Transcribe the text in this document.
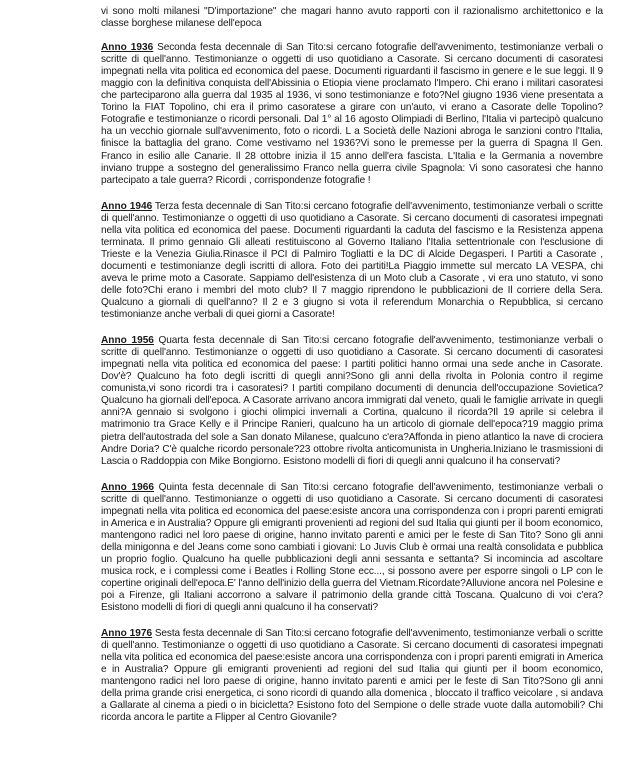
vi sono molti milanesi "D'importazione" che magari hanno avuto rapporti con il razionalismo architettonico e la classe borghese milanese dell'epoca

Anno 1936 Seconda festa decennale di San Tito:si cercano fotografie dell'avvenimento, testimonianze verbali o scritte di quell'anno. Testimonianze o oggetti di uso quotidiano a Casorate. Si cercano documenti di casoratesi impegnati nella vita politica ed economica del paese. Documenti riguardanti il fascismo in genere e le sue leggi. Il 9 maggio con la definitiva conquista dell'Abissinia o Etiopia viene proclamato l'Impero. Chi erano i militari casoratesi che parteciparono alla guerra dal 1935 al 1936, vi sono testimonianze e foto?Nel giugno 1936 viene presentata a Torino la FIAT Topolino, chi era il primo casoratese a girare con un'auto, vi erano a Casorate delle Topolino?Fotografie e testimonianze o ricordi personali. Dal 1° al 16 agosto Olimpiadi di Berlino, l'Italia vi partecipò qualcuno ha un vecchio giornale sull'avvenimento, foto o ricordi. L a Società delle Nazioni abroga le sanzioni contro l'Italia, finisce la battaglia del grano. Come vestivamo nel 1936?Vi sono le premesse per la guerra di Spagna Il Gen. Franco in esilio alle Canarie. Il 28 ottobre inizia il 15 anno dell'era fascista. L'Italia e la Germania a novembre inviano truppe a sostegno del generalissimo Franco nella guerra civile Spagnola: Vi sono casoratesi che hanno partecipato a tale guerra? Ricordi , corrispondenze fotografie !

Anno 1946 Terza festa decennale di San Tito:si cercano fotografie dell'avvenimento, testimonianze verbali o scritte di quell'anno. Testimonianze o oggetti di uso quotidiano a Casorate. Si cercano documenti di casoratesi impegnati nella vita politica ed economica del paese. Documenti riguardanti la caduta del fascismo e la Resistenza appena terminata. Il primo gennaio Gli alleati restituiscono al Governo Italiano l'Italia settentrionale con l'esclusione di Trieste e la Venezia Giulia.Rinasce il PCI di Palmiro Togliatti e la DC di Alcide Degasperi. I Partiti a Casorate , documenti e testimonianze degli iscritti di allora. Foto dei partiti!La Piaggio immette sul mercato LA VESPA, chi aveva le prime moto a Casorate. Sappiamo dell'esistenza di un Moto club a Casorate , vi era uno statuto, vi sono delle foto?Chi erano i membri del moto club? Il 7 maggio riprendono le pubblicazioni de Il corriere della Sera. Qualcuno a giornali di quell'anno? Il 2 e 3 giugno si vota il referendum Monarchia o Repubblica, si cercano testimonianze anche verbali di quei giorni a Casorate!

Anno 1956 Quarta festa decennale di San Tito:si cercano fotografie dell'avvenimento, testimonianze verbali o scritte di quell'anno. Testimonianze o oggetti di uso quotidiano a Casorate. Si cercano documenti di casoratesi impegnati nella vita politica ed economica del paese: I partiti politici hanno ormai una sede anche in Casorate. Dov'è? Qualcuno ha foto degli iscritti di quegli anni?Sono gli anni della rivolta in Polonia contro il regime comunista,vi sono ricordi tra i casoratesi? I partiti compilano documenti di denuncia dell'occupazione Sovietica? Qualcuno ha giornali dell'epoca. A Casorate arrivano ancora immigrati dal veneto, quali le famiglie arrivate in quegli anni?A gennaio si svolgono i giochi olimpici invernali a Cortina, qualcuno il ricorda?Il 19 aprile si celebra il matrimonio tra Grace Kelly e il Principe Ranieri, qualcuno ha un articolo di giornale dell'epoca?19 maggio prima pietra dell'autostrada del sole a San donato Milanese, qualcuno c'era?Affonda in pieno atlantico la nave di crociera Andre Doria? C'è qualche ricordo personale?23 ottobre rivolta anticomunista in Ungheria.Iniziano le trasmissioni di Lascia o Raddoppia con Mike Bongiorno. Esistono modelli di fiori di quegli anni qualcuno il ha conservati?

Anno 1966 Quinta festa decennale di San Tito:si cercano fotografie dell'avvenimento, testimonianze verbali o scritte di quell'anno. Testimonianze o oggetti di uso quotidiano a Casorate. Si cercano documenti di casoratesi impegnati nella vita politica ed economica del paese:esiste ancora una corrispondenza con i propri parenti emigrati in America e in Australia? Oppure gli emigranti provenienti ad regioni del sud Italia qui giunti per il boom economico, mantengono radici nel loro paese di origine, hanno invitato parenti e amici per le feste di San Tito? Sono gli anni della minigonna e del Jeans come sono cambiati i giovani: Lo Juvis Club è ormai una realtà consolidata e pubblica un proprio foglio. Qualcuno ha quelle pubblicazioni degli anni sessanta e settanta? Si incomincia ad ascoltare musica rock, e i complessi come i Beatles i Rolling Stone ecc..., si possono avere per esporre singoli o LP con le copertine originali dell'epoca.E' l'anno dell'inizio della guerra del Vietnam.Ricordate?Alluvione ancora nel Polesine e poi a Firenze, gli Italiani accorrono a salvare il patrimonio della grande città Toscana. Qualcuno di voi c'era? Esistono modelli di fiori di quegli anni qualcuno il ha conservati?

Anno 1976 Sesta festa decennale di San Tito:si cercano fotografie dell'avvenimento, testimonianze verbali o scritte di quell'anno. Testimonianze o oggetti di uso quotidiano a Casorate. Si cercano documenti di casoratesi impegnati nella vita politica ed economica del paese:esiste ancora una corrispondenza con i propri parenti emigrati in America e in Australia? Oppure gli emigranti provenienti ad regioni del sud Italia qui giunti per il boom economico, mantengono radici nel loro paese di origine, hanno invitato parenti e amici per le feste di San Tito?Sono gli anni della prima grande crisi energetica, ci sono ricordi di quando alla domenica , bloccato il traffico veicolare , si andava a Gallarate al cinema a piedi o in bicicletta? Esistono foto del Sempione o delle strade vuote dalla automobili? Chi ricorda ancora le partite a Flipper al Centro Giovanile?
